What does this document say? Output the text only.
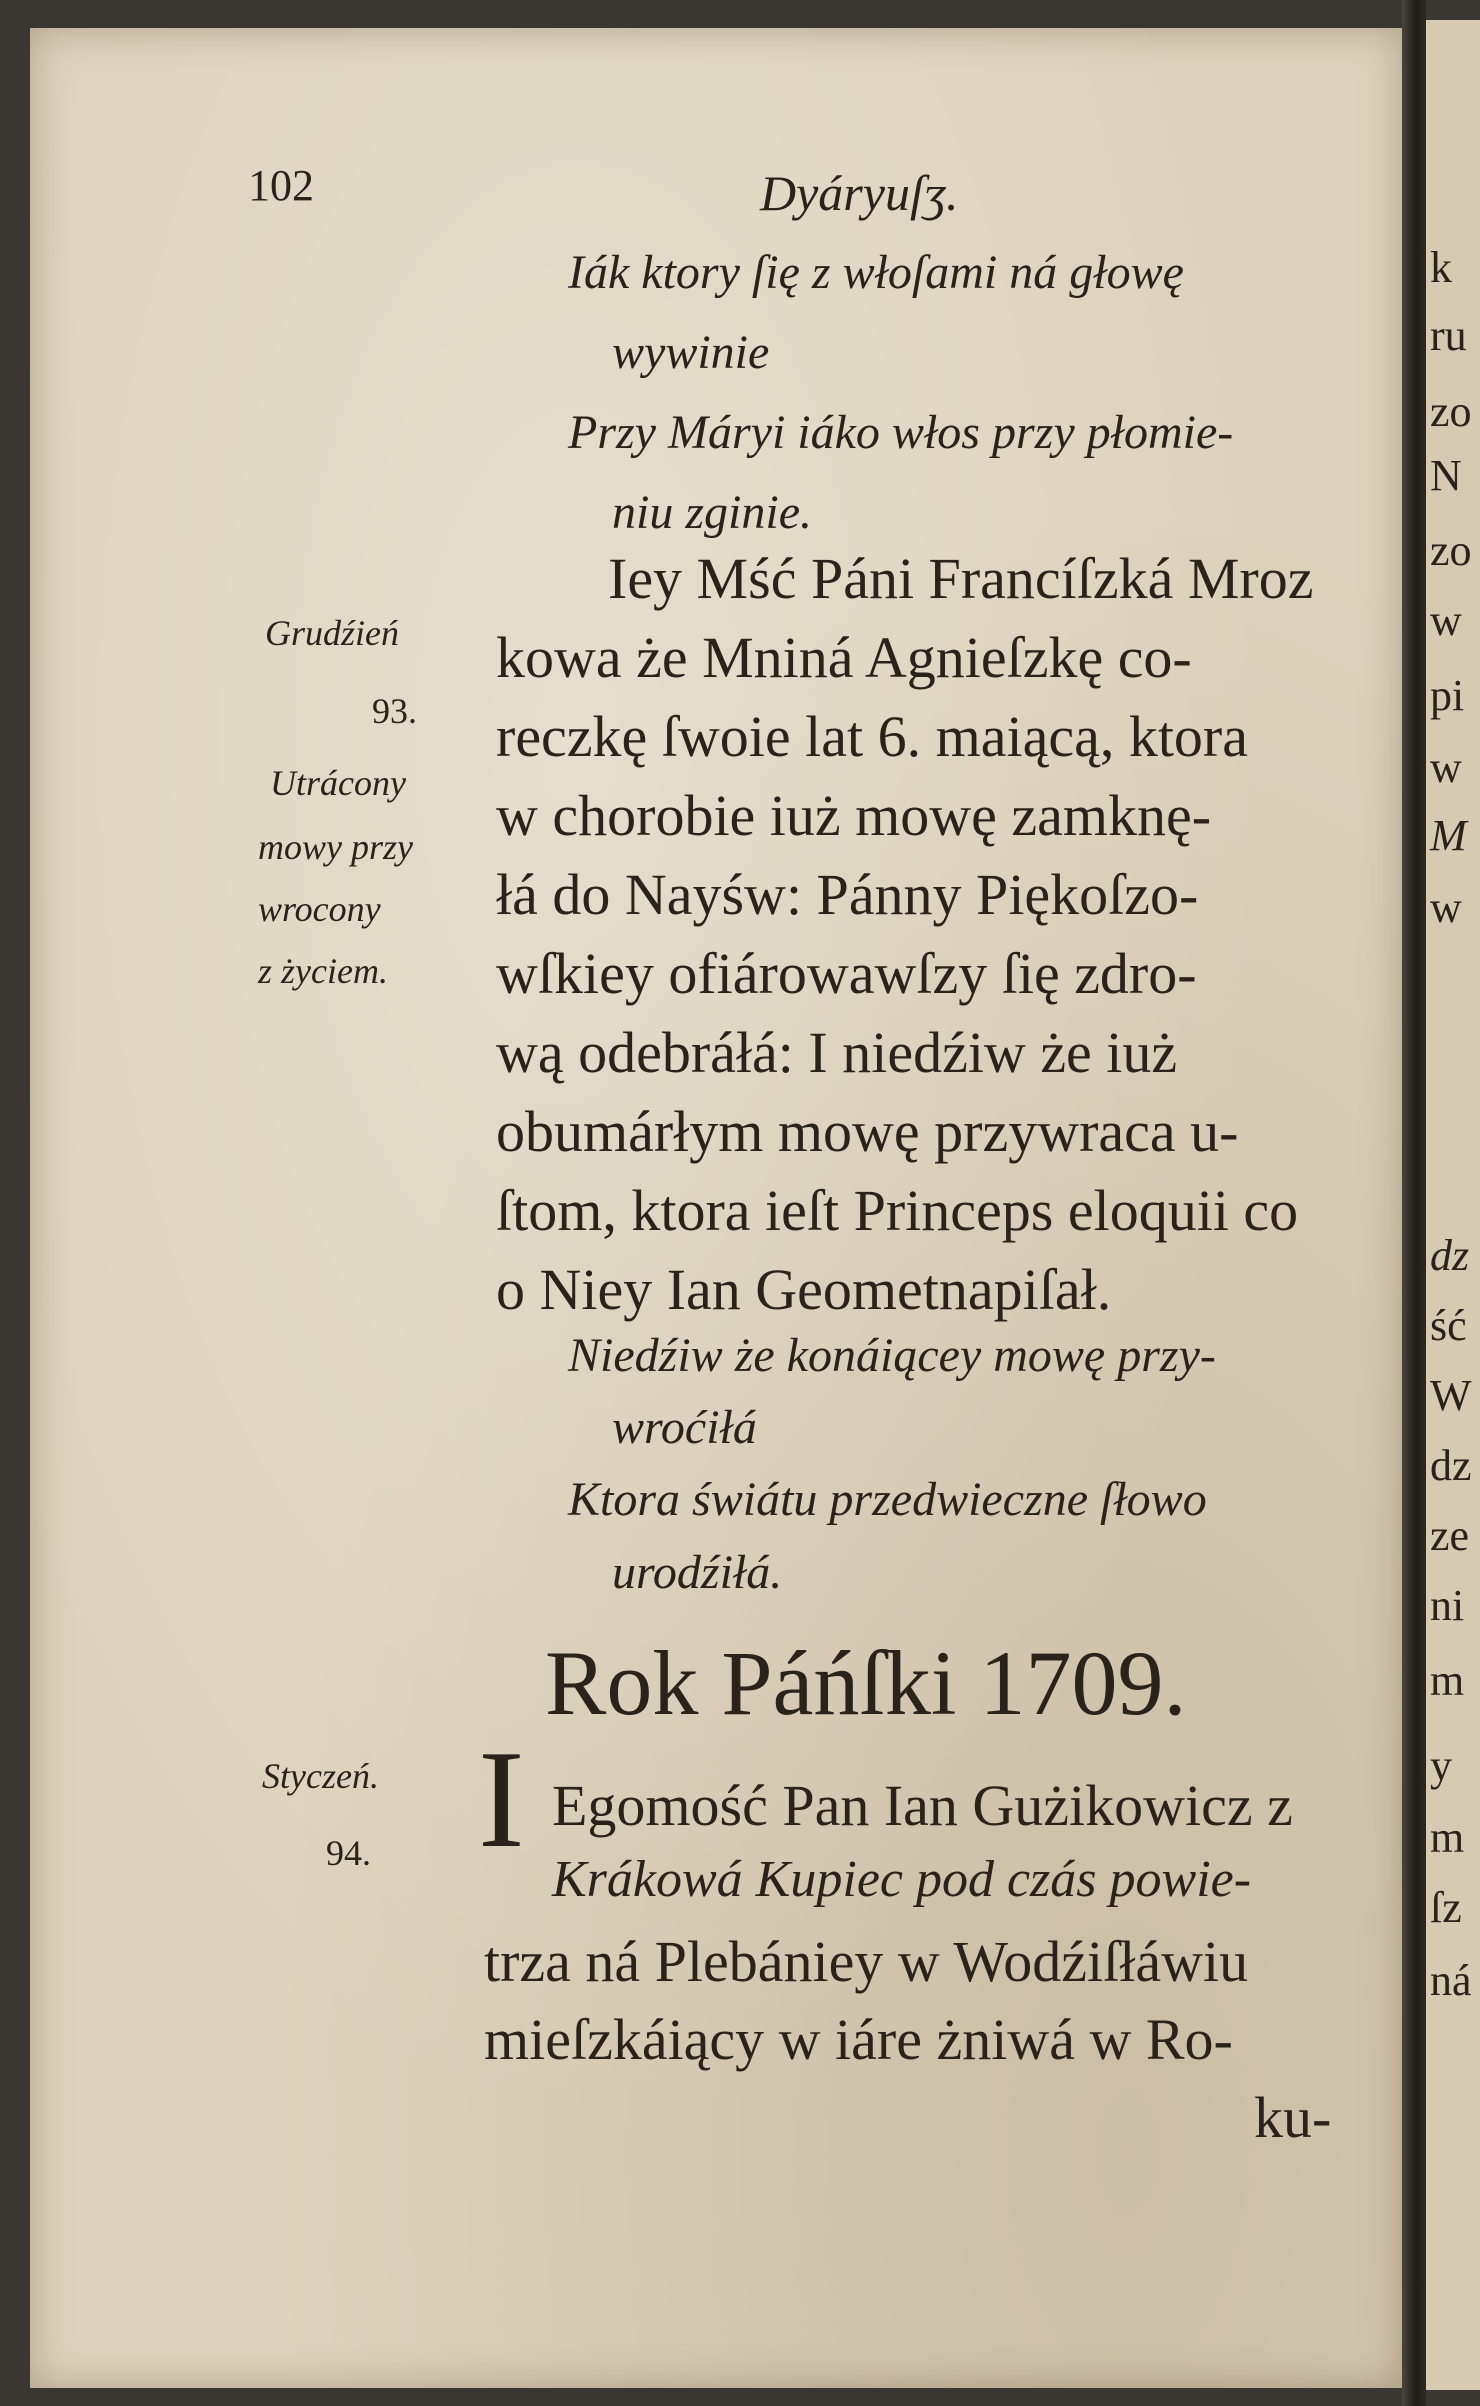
k
ru
zo
N
zo
w
pi
w
M
w
dz
ść
W
dz
ze
ni
m
y
m
ſz
ná
102	Dyáryuſʒ.
Iák ktory ſię z włoſami ná głowę
wywinie
Przy Máryi iáko włos przy płomie-
niu zginie.
Iey Mść Páni Francíſzká Mroz
kowa że Mniná Agnieſzkę co-
reczkę ſwoie lat 6. maiącą, ktora
w chorobie iuż mowę zamknę-
łá do Nayśw: Pánny Piękoſzo-
wſkiey ofiárowawſzy ſię zdro-
wą odebráłá: I niedźiw że iuż
obumárłym mowę przywraca u-
ſtom, ktora ieſt Princeps eloquii co
o Niey Ian Geometnapiſał.
Grudźień
93.
Utrácony
mowy przy
wrocony
z życiem.
Niedźiw że konáiącey mowę przy-
wroćiłá
Ktora świátu przedwieczne ſłowo
urodźiłá.
Rok Páńſki 1709.
I Egomość Pan Ian Gużikowicz z
Krákowá Kupiec pod czás powie-
trza ná Plebániey w Wodźiſłáwiu
mieſzkáiący w iáre żniwá w Ro-
ku-
Styczeń.
94.
